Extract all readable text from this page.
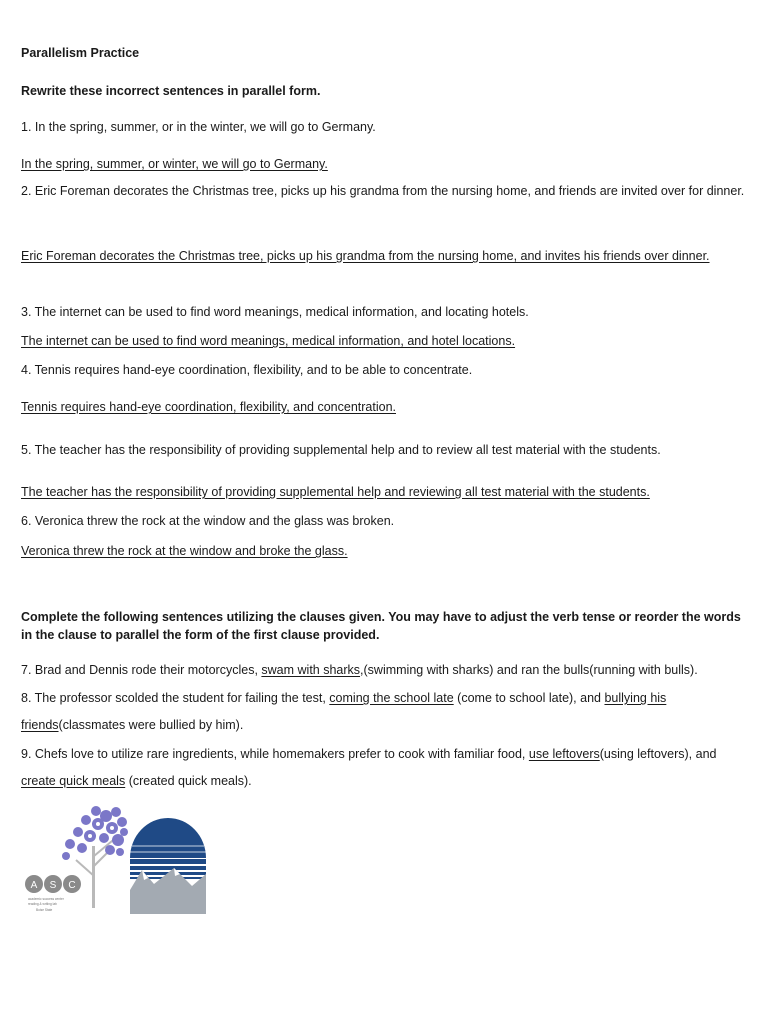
Parallelism Practice
Rewrite these incorrect sentences in parallel form.
1. In the spring, summer, or in the winter, we will go to Germany.
In the spring, summer, or winter, we will go to Germany.
2. Eric Foreman decorates the Christmas tree, picks up his grandma from the nursing home, and friends are invited over for dinner.
Eric Foreman decorates the Christmas tree, picks up his grandma from the nursing home, and invites his friends over dinner.
3. The internet can be used to find word meanings, medical information, and locating hotels.
The internet can be used to find word meanings, medical information, and hotel locations.
4. Tennis requires hand-eye coordination, flexibility, and to be able to concentrate.
Tennis requires hand-eye coordination, flexibility, and concentration.
5. The teacher has the responsibility of providing supplemental help and to review all test material with the students.
The teacher has the responsibility of providing supplemental help and reviewing all test material with the students.
6. Veronica threw the rock at the window and the glass was broken.
Veronica threw the rock at the window and broke the glass.
Complete the following sentences utilizing the clauses given. You may have to adjust the verb tense or reorder the words in the clause to parallel the form of the first clause provided.
7. Brad and Dennis rode their motorcycles, swam with sharks,(swimming with sharks) and ran the bulls(running with bulls).
8. The professor scolded the student for failing the test, coming the school late (come to school late), and bullying his friends(classmates were bullied by him).
9. Chefs love to utilize rare ingredients, while homemakers prefer to cook with familiar food, use leftovers(using leftovers), and create quick meals (created quick meals).
A S C
academic success center
reading & writing lab
Boise State
